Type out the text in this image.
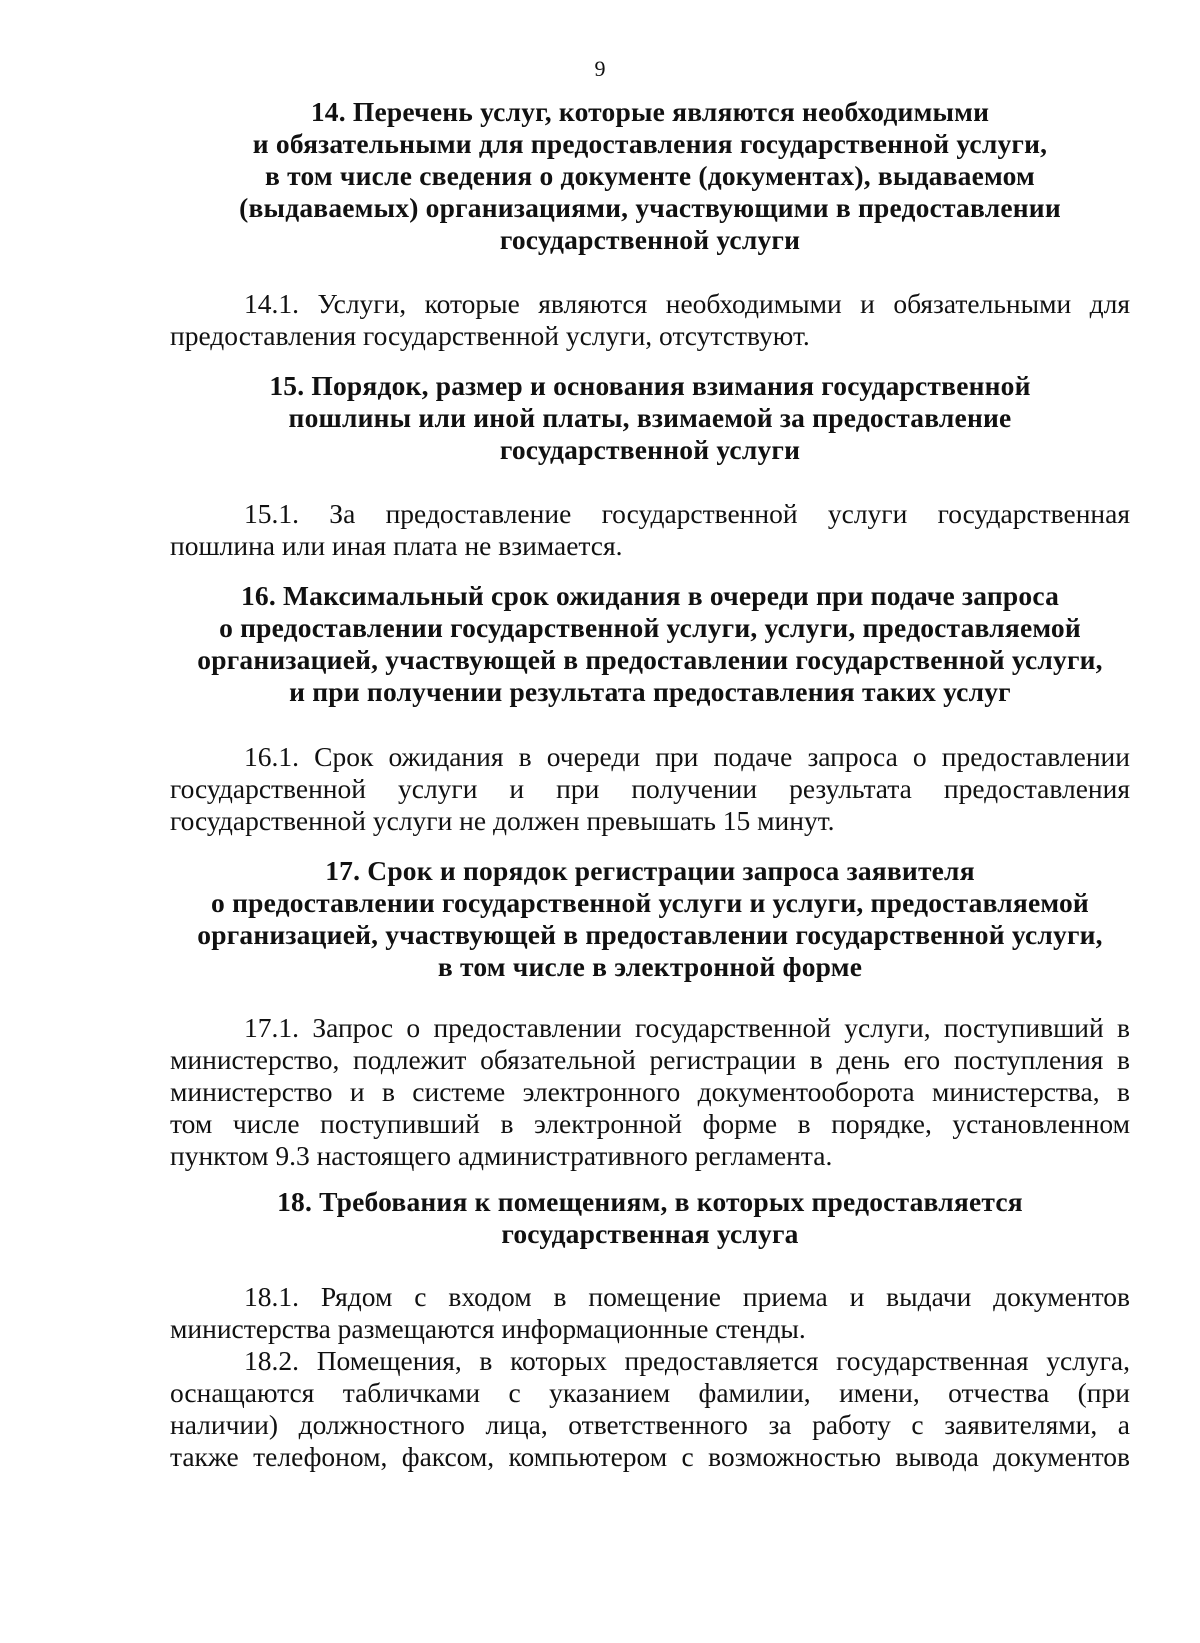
9
14. Перечень услуг, которые являются необходимыми
и обязательными для предоставления государственной услуги,
в том числе сведения о документе (документах), выдаваемом
(выдаваемых) организациями, участвующими в предоставлении
государственной услуги
14.1. Услуги, которые являются необходимыми и обязательными для
предоставления государственной услуги, отсутствуют.
15. Порядок, размер и основания взимания государственной
пошлины или иной платы, взимаемой за предоставление
государственной услуги
15.1. За предоставление государственной услуги государственная
пошлина или иная плата не взимается.
16. Максимальный срок ожидания в очереди при подаче запроса
о предоставлении государственной услуги, услуги, предоставляемой
организацией, участвующей в предоставлении государственной услуги,
и при получении результата предоставления таких услуг
16.1. Срок ожидания в очереди при подаче запроса о предоставлении
государственной услуги и при получении результата предоставления
государственной услуги не должен превышать 15 минут.
17. Срок и порядок регистрации запроса заявителя
о предоставлении государственной услуги и услуги, предоставляемой
организацией, участвующей в предоставлении государственной услуги,
в том числе в электронной форме
17.1. Запрос о предоставлении государственной услуги, поступивший в
министерство, подлежит обязательной регистрации в день его поступления в
министерство и в системе электронного документооборота министерства, в
том числе поступивший в электронной форме в порядке, установленном
пунктом 9.3 настоящего административного регламента.
18. Требования к помещениям, в которых предоставляется
государственная услуга
18.1. Рядом с входом в помещение приема и выдачи документов
министерства размещаются информационные стенды.
18.2. Помещения, в которых предоставляется государственная услуга,
оснащаются табличками с указанием фамилии, имени, отчества (при
наличии) должностного лица, ответственного за работу с заявителями, а
также телефоном, факсом, компьютером с возможностью вывода документов
